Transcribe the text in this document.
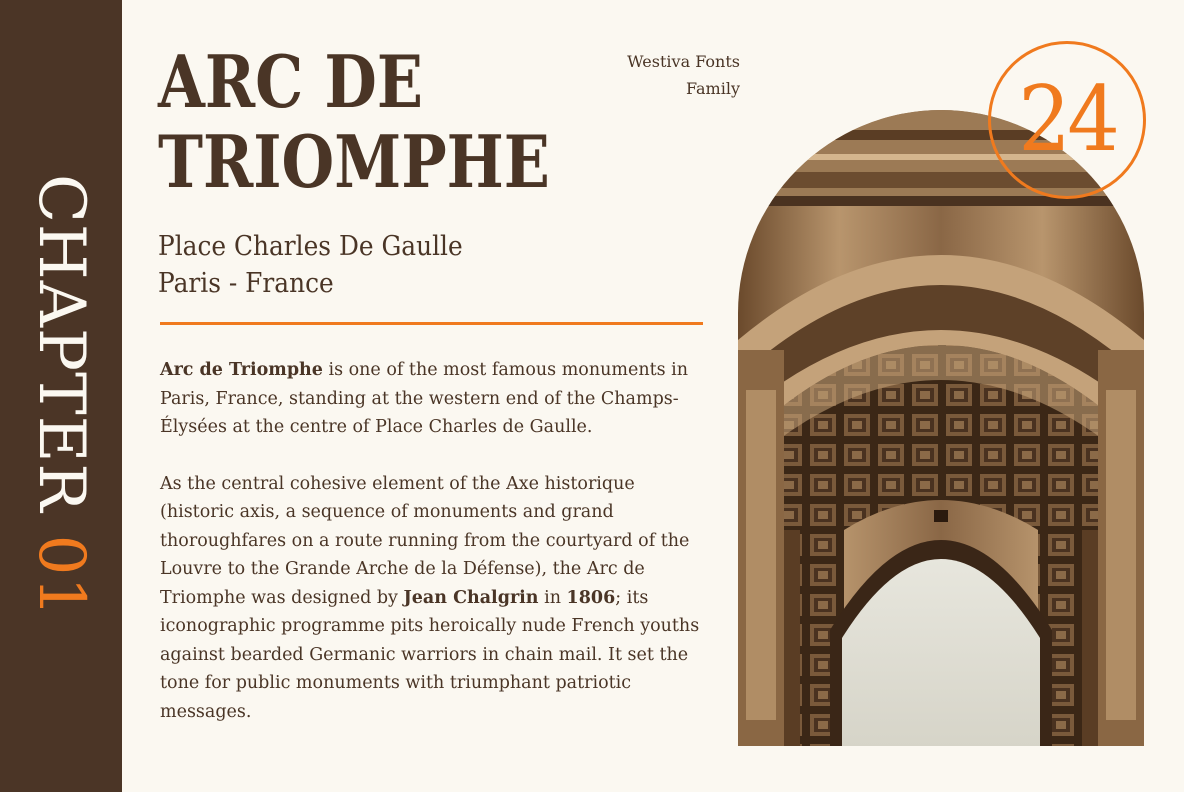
CHAPTER01
ARC DE
TRIOMPHE
Place Charles De Gaulle
Paris - France
Westiva Fonts
Family

Arc de Triomphe is one of the most famous monuments in Paris, France, standing at the western end of the Champs-Élysées at the centre of Place Charles de Gaulle.

As the central cohesive element of the Axe historique (historic axis, a sequence of monuments and grand thoroughfares on a route running from the courtyard of the Louvre to the Grande Arche de la Défense), the Arc de Triomphe was designed by Jean Chalgrin in 1806; its iconographic programme pits heroically nude French youths against bearded Germanic warriors in chain mail. It set the tone for public monuments with triumphant patriotic messages.

24
